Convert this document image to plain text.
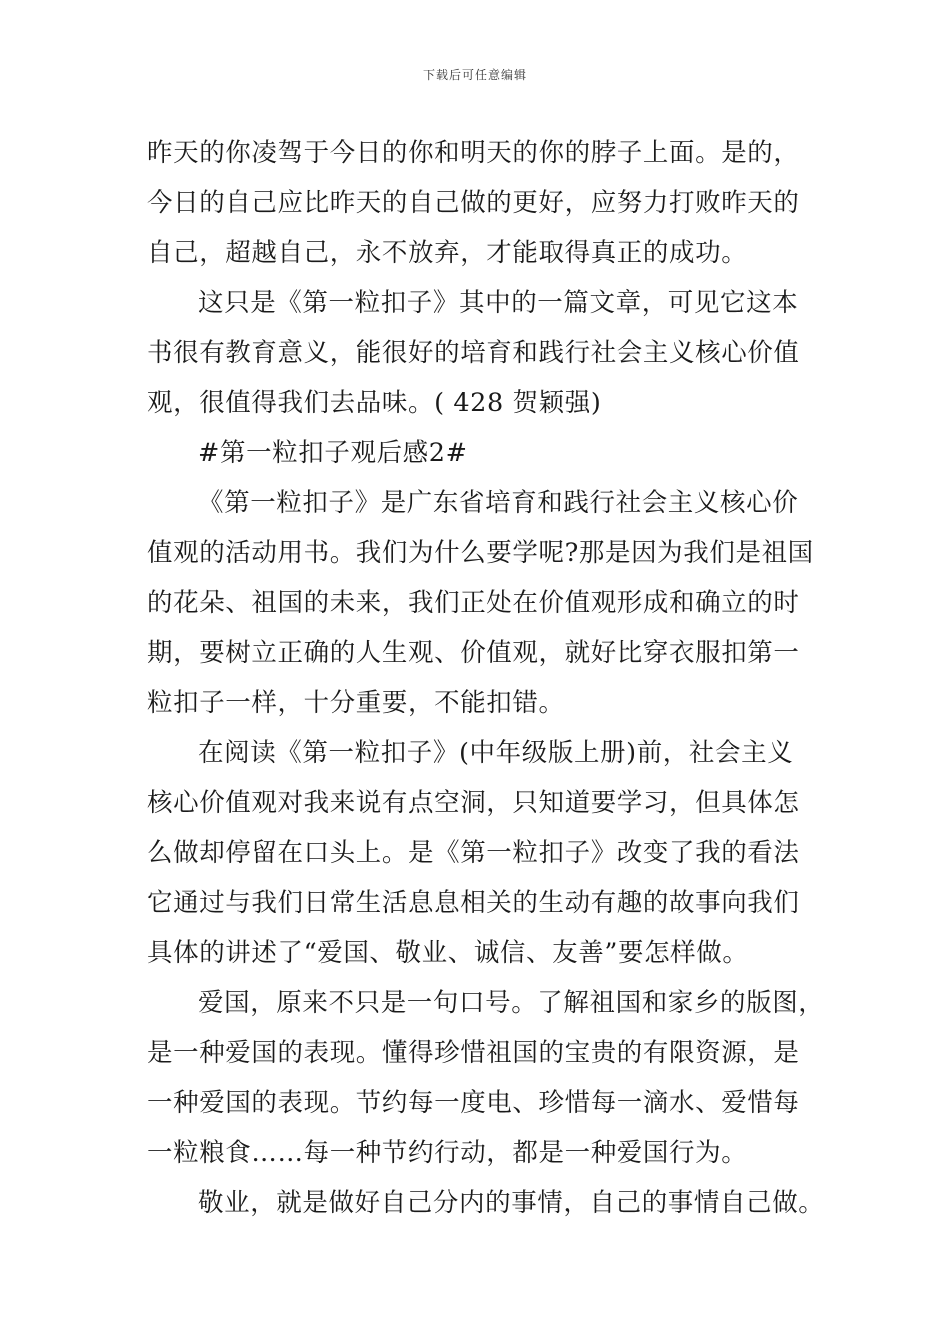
下载后可任意编辑
昨天的你凌驾于今日的你和明天的你的脖子上面。是的，
今日的自己应比昨天的自己做的更好，应努力打败昨天的
自己，超越自己，永不放弃，才能取得真正的成功。
这只是《第一粒扣子》其中的一篇文章，可见它这本
书很有教育意义，能很好的培育和践行社会主义核心价值
观，很值得我们去品味。( 428 贺颖强)
#第一粒扣子观后感2#
《第一粒扣子》是广东省培育和践行社会主义核心价
值观的活动用书。我们为什么要学呢?那是因为我们是祖国
的花朵、祖国的未来，我们正处在价值观形成和确立的时
期，要树立正确的人生观、价值观，就好比穿衣服扣第一
粒扣子一样，十分重要，不能扣错。
在阅读《第一粒扣子》(中年级版上册)前，社会主义
核心价值观对我来说有点空洞，只知道要学习，但具体怎
么做却停留在口头上。是《第一粒扣子》改变了我的看法
它通过与我们日常生活息息相关的生动有趣的故事向我们
具体的讲述了“爱国、敬业、诚信、友善”要怎样做。
爱国，原来不只是一句口号。了解祖国和家乡的版图，
是一种爱国的表现。懂得珍惜祖国的宝贵的有限资源，是
一种爱国的表现。节约每一度电、珍惜每一滴水、爱惜每
一粒粮食……每一种节约行动，都是一种爱国行为。
敬业，就是做好自己分内的事情，自己的事情自己做。
